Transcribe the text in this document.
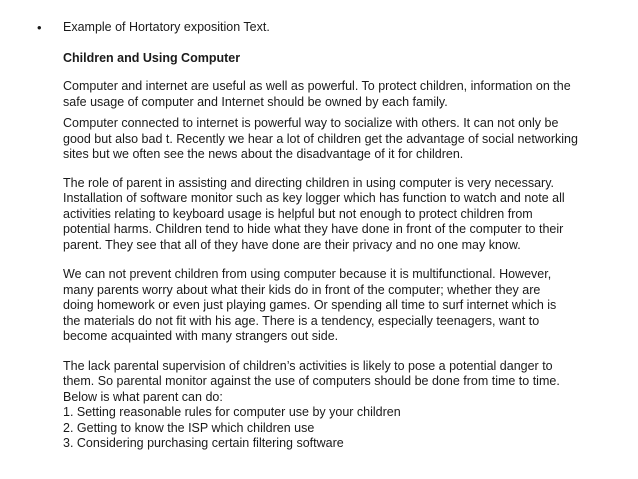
• Example of Hortatory exposition Text.

Children and Using Computer

Computer and internet are useful as well as powerful. To protect children, information on the
safe usage of computer and Internet should be owned by each family.

Computer connected to internet is powerful way to socialize with others. It can not only be
good but also bad t. Recently we hear a lot of children get the advantage of social networking
sites but we often see the news about the disadvantage of it for children.

The role of parent in assisting and directing children in using computer is very necessary.
Installation of software monitor such as key logger which has function to watch and note all
activities relating to keyboard usage is helpful but not enough to protect children from
potential harms. Children tend to hide what they have done in front of the computer to their
parent. They see that all of they have done are their privacy and no one may know.

We can not prevent children from using computer because it is multifunctional. However,
many parents worry about what their kids do in front of the computer; whether they are
doing homework or even just playing games. Or spending all time to surf internet which is
the materials do not fit with his age. There is a tendency, especially teenagers, want to
become acquainted with many strangers out side.

The lack parental supervision of children’s activities is likely to pose a potential danger to
them. So parental monitor against the use of computers should be done from time to time.
Below is what parent can do:
1. Setting reasonable rules for computer use by your children
2. Getting to know the ISP which children use
3. Considering purchasing certain filtering software
